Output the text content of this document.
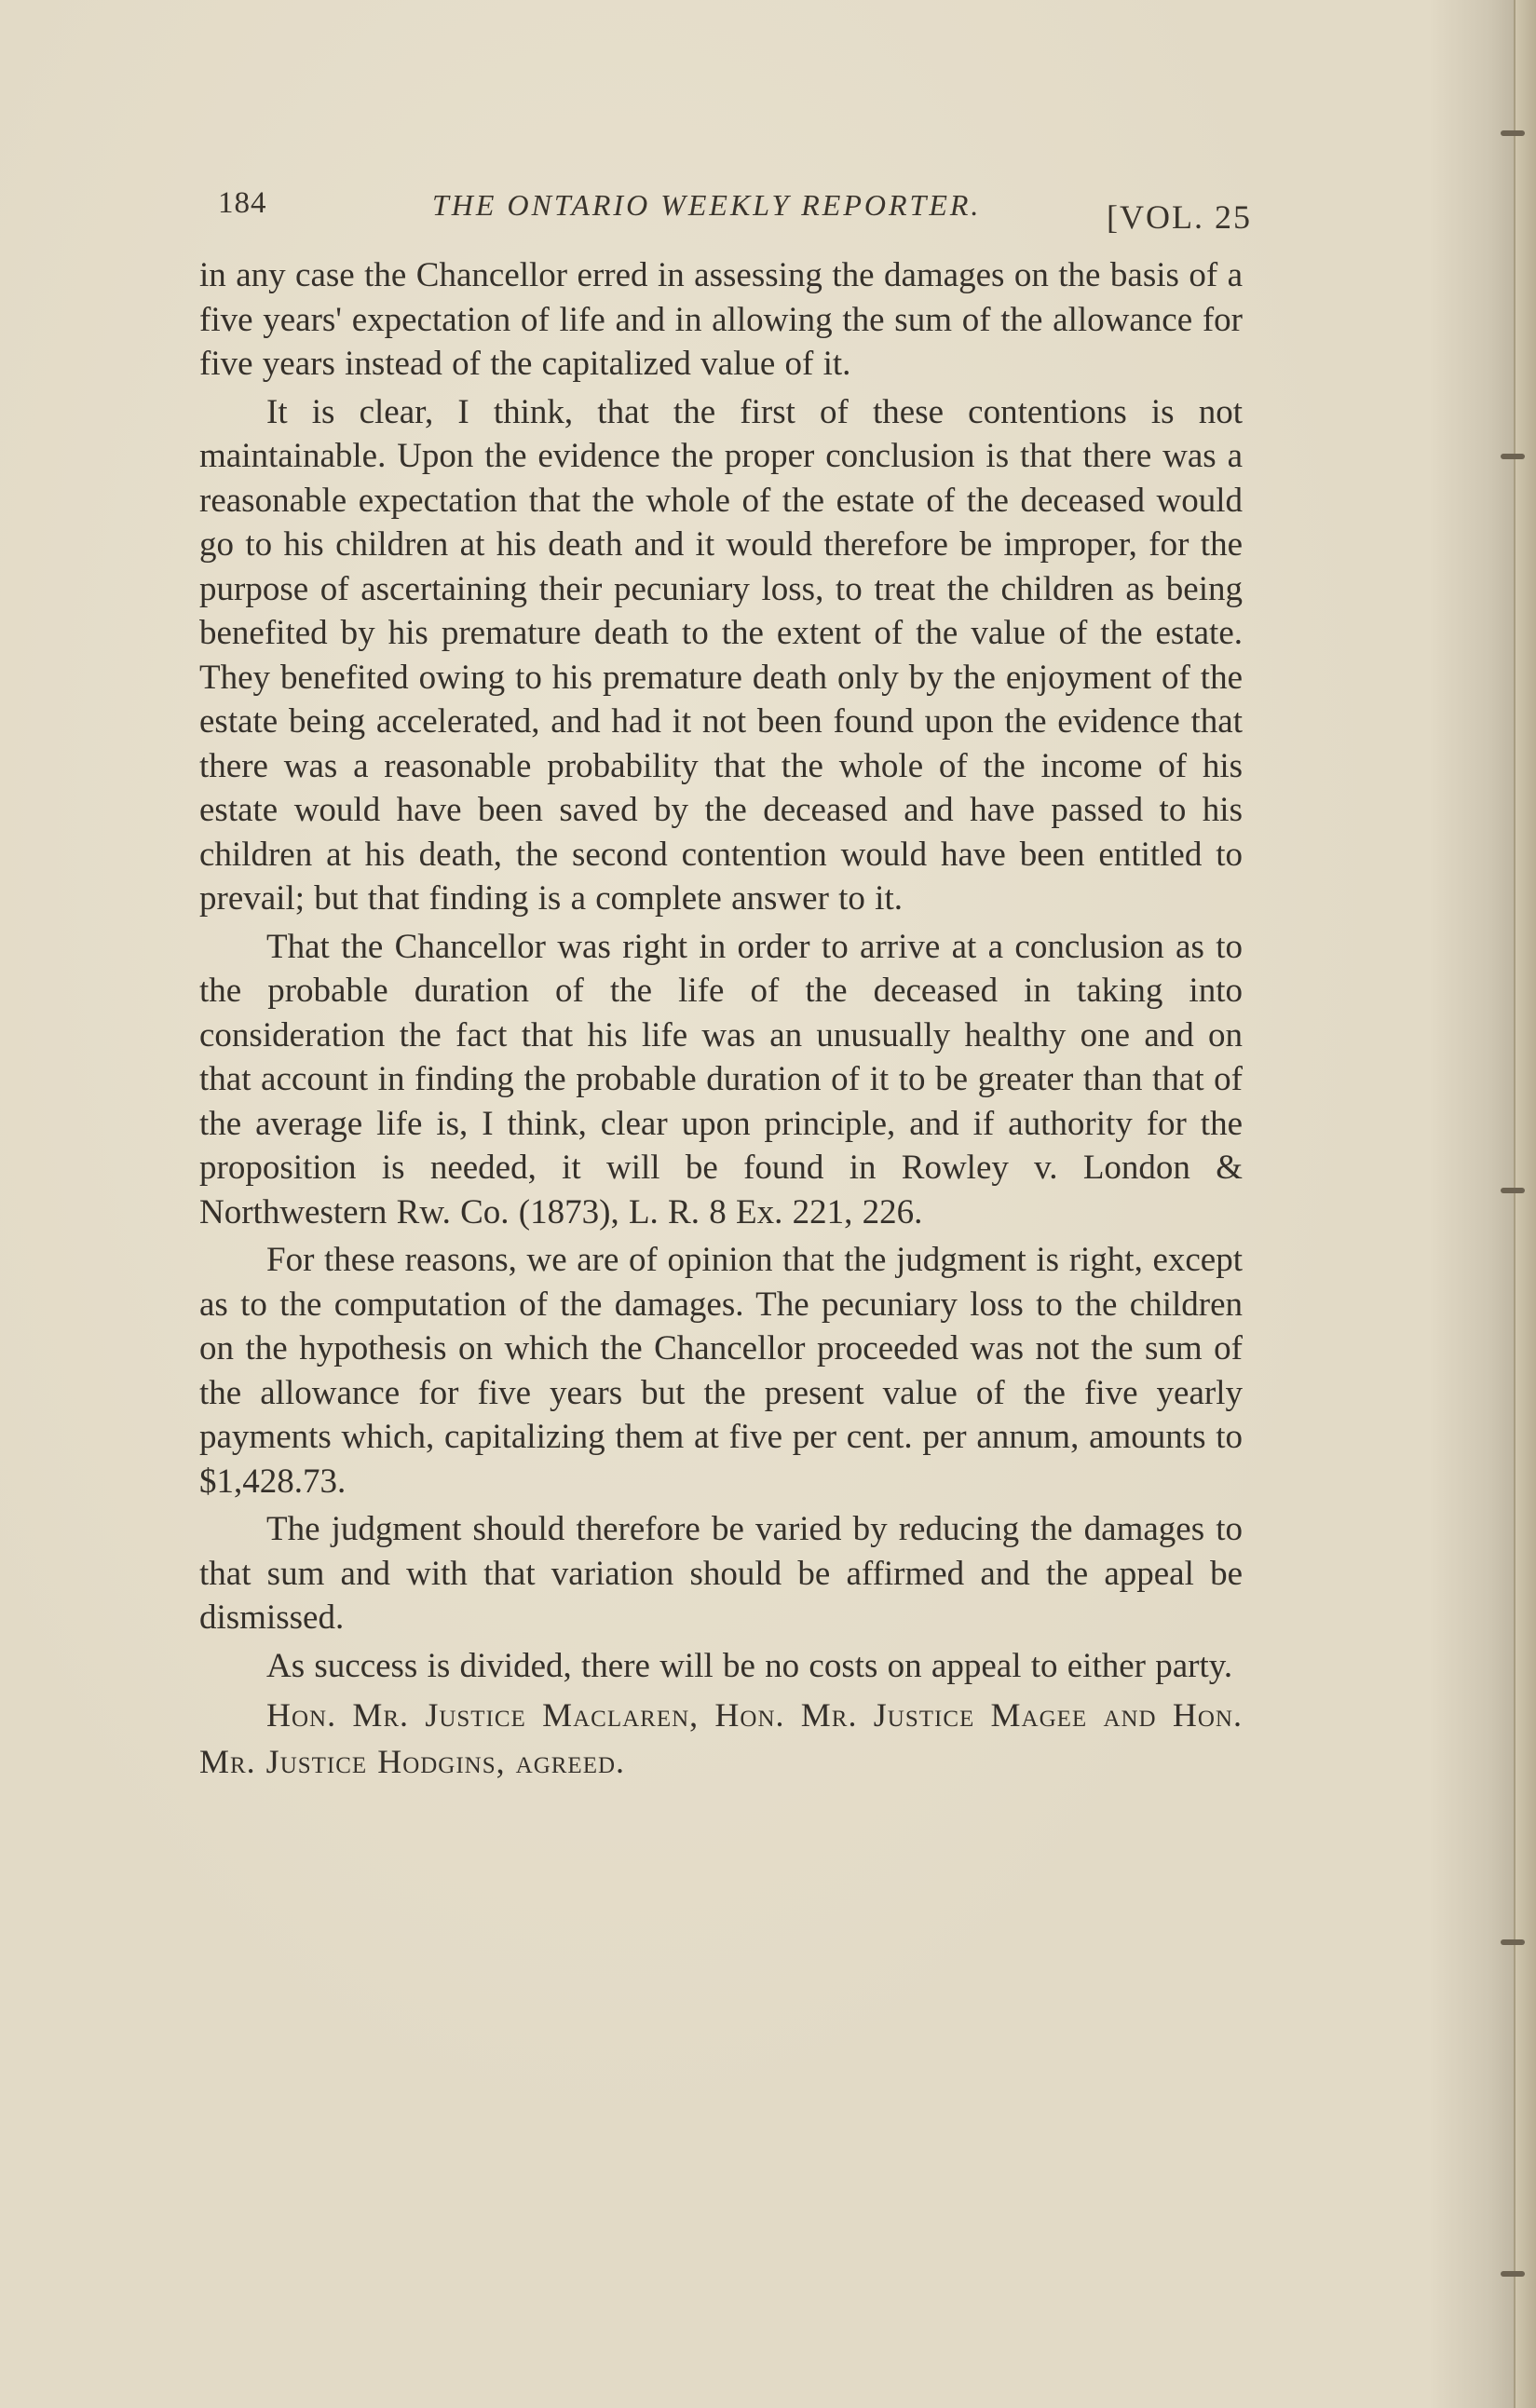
184	THE ONTARIO WEEKLY REPORTER.	[VOL. 25

in any case the Chancellor erred in assessing the damages on the basis of a five years' expectation of life and in allowing the sum of the allowance for five years instead of the capitalized value of it.

It is clear, I think, that the first of these contentions is not maintainable. Upon the evidence the proper conclusion is that there was a reasonable expectation that the whole of the estate of the deceased would go to his children at his death and it would therefore be improper, for the purpose of ascertaining their pecuniary loss, to treat the children as being benefited by his premature death to the extent of the value of the estate. They benefited owing to his premature death only by the enjoyment of the estate being accelerated, and had it not been found upon the evidence that there was a reasonable probability that the whole of the income of his estate would have been saved by the deceased and have passed to his children at his death, the second contention would have been entitled to prevail; but that finding is a complete answer to it.

That the Chancellor was right in order to arrive at a conclusion as to the probable duration of the life of the deceased in taking into consideration the fact that his life was an unusually healthy one and on that account in finding the probable duration of it to be greater than that of the average life is, I think, clear upon principle, and if authority for the proposition is needed, it will be found in Rowley v. London & Northwestern Rw. Co. (1873), L. R. 8 Ex. 221, 226.

For these reasons, we are of opinion that the judgment is right, except as to the computation of the damages. The pecuniary loss to the children on the hypothesis on which the Chancellor proceeded was not the sum of the allowance for five years but the present value of the five yearly payments which, capitalizing them at five per cent. per annum, amounts to $1,428.73.

The judgment should therefore be varied by reducing the damages to that sum and with that variation should be affirmed and the appeal be dismissed.

As success is divided, there will be no costs on appeal to either party.

Hon. Mr. Justice Maclaren, Hon. Mr. Justice Magee and Hon. Mr. Justice Hodgins, agreed.
